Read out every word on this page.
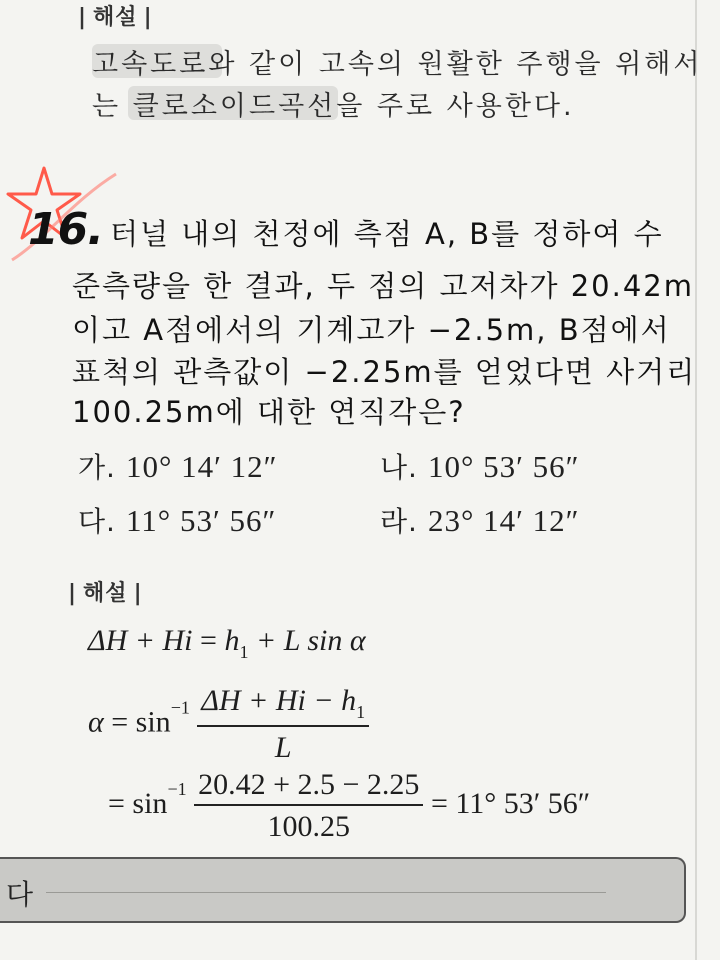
| 해설 |
고속도로와 같이 고속의 원활한 주행을 위해서
는 클로소이드곡선을 주로 사용한다.
16. 터널 내의 천정에 측점 A, B를 정하여 수
준측량을 한 결과, 두 점의 고저차가 20.42m
이고 A점에서의 기계고가 −2.5m, B점에서
표척의 관측값이 −2.25m를 얻었다면 사거리
100.25m에 대한 연직각은?
가. 10° 14′ 12″	나. 10° 53′ 56″
다. 11° 53′ 56″	라. 23° 14′ 12″
| 해설 |
$\Delta H + Hi = h_1 + L$ sin α
$\alpha = \sin^{-1} \frac{\Delta H + Hi - h_1}{L}$
= $\sin^{-1} \frac{20.42 + 2.5 - 2.25}{100.25} = 11^\circ$ 53′ 56″
다
